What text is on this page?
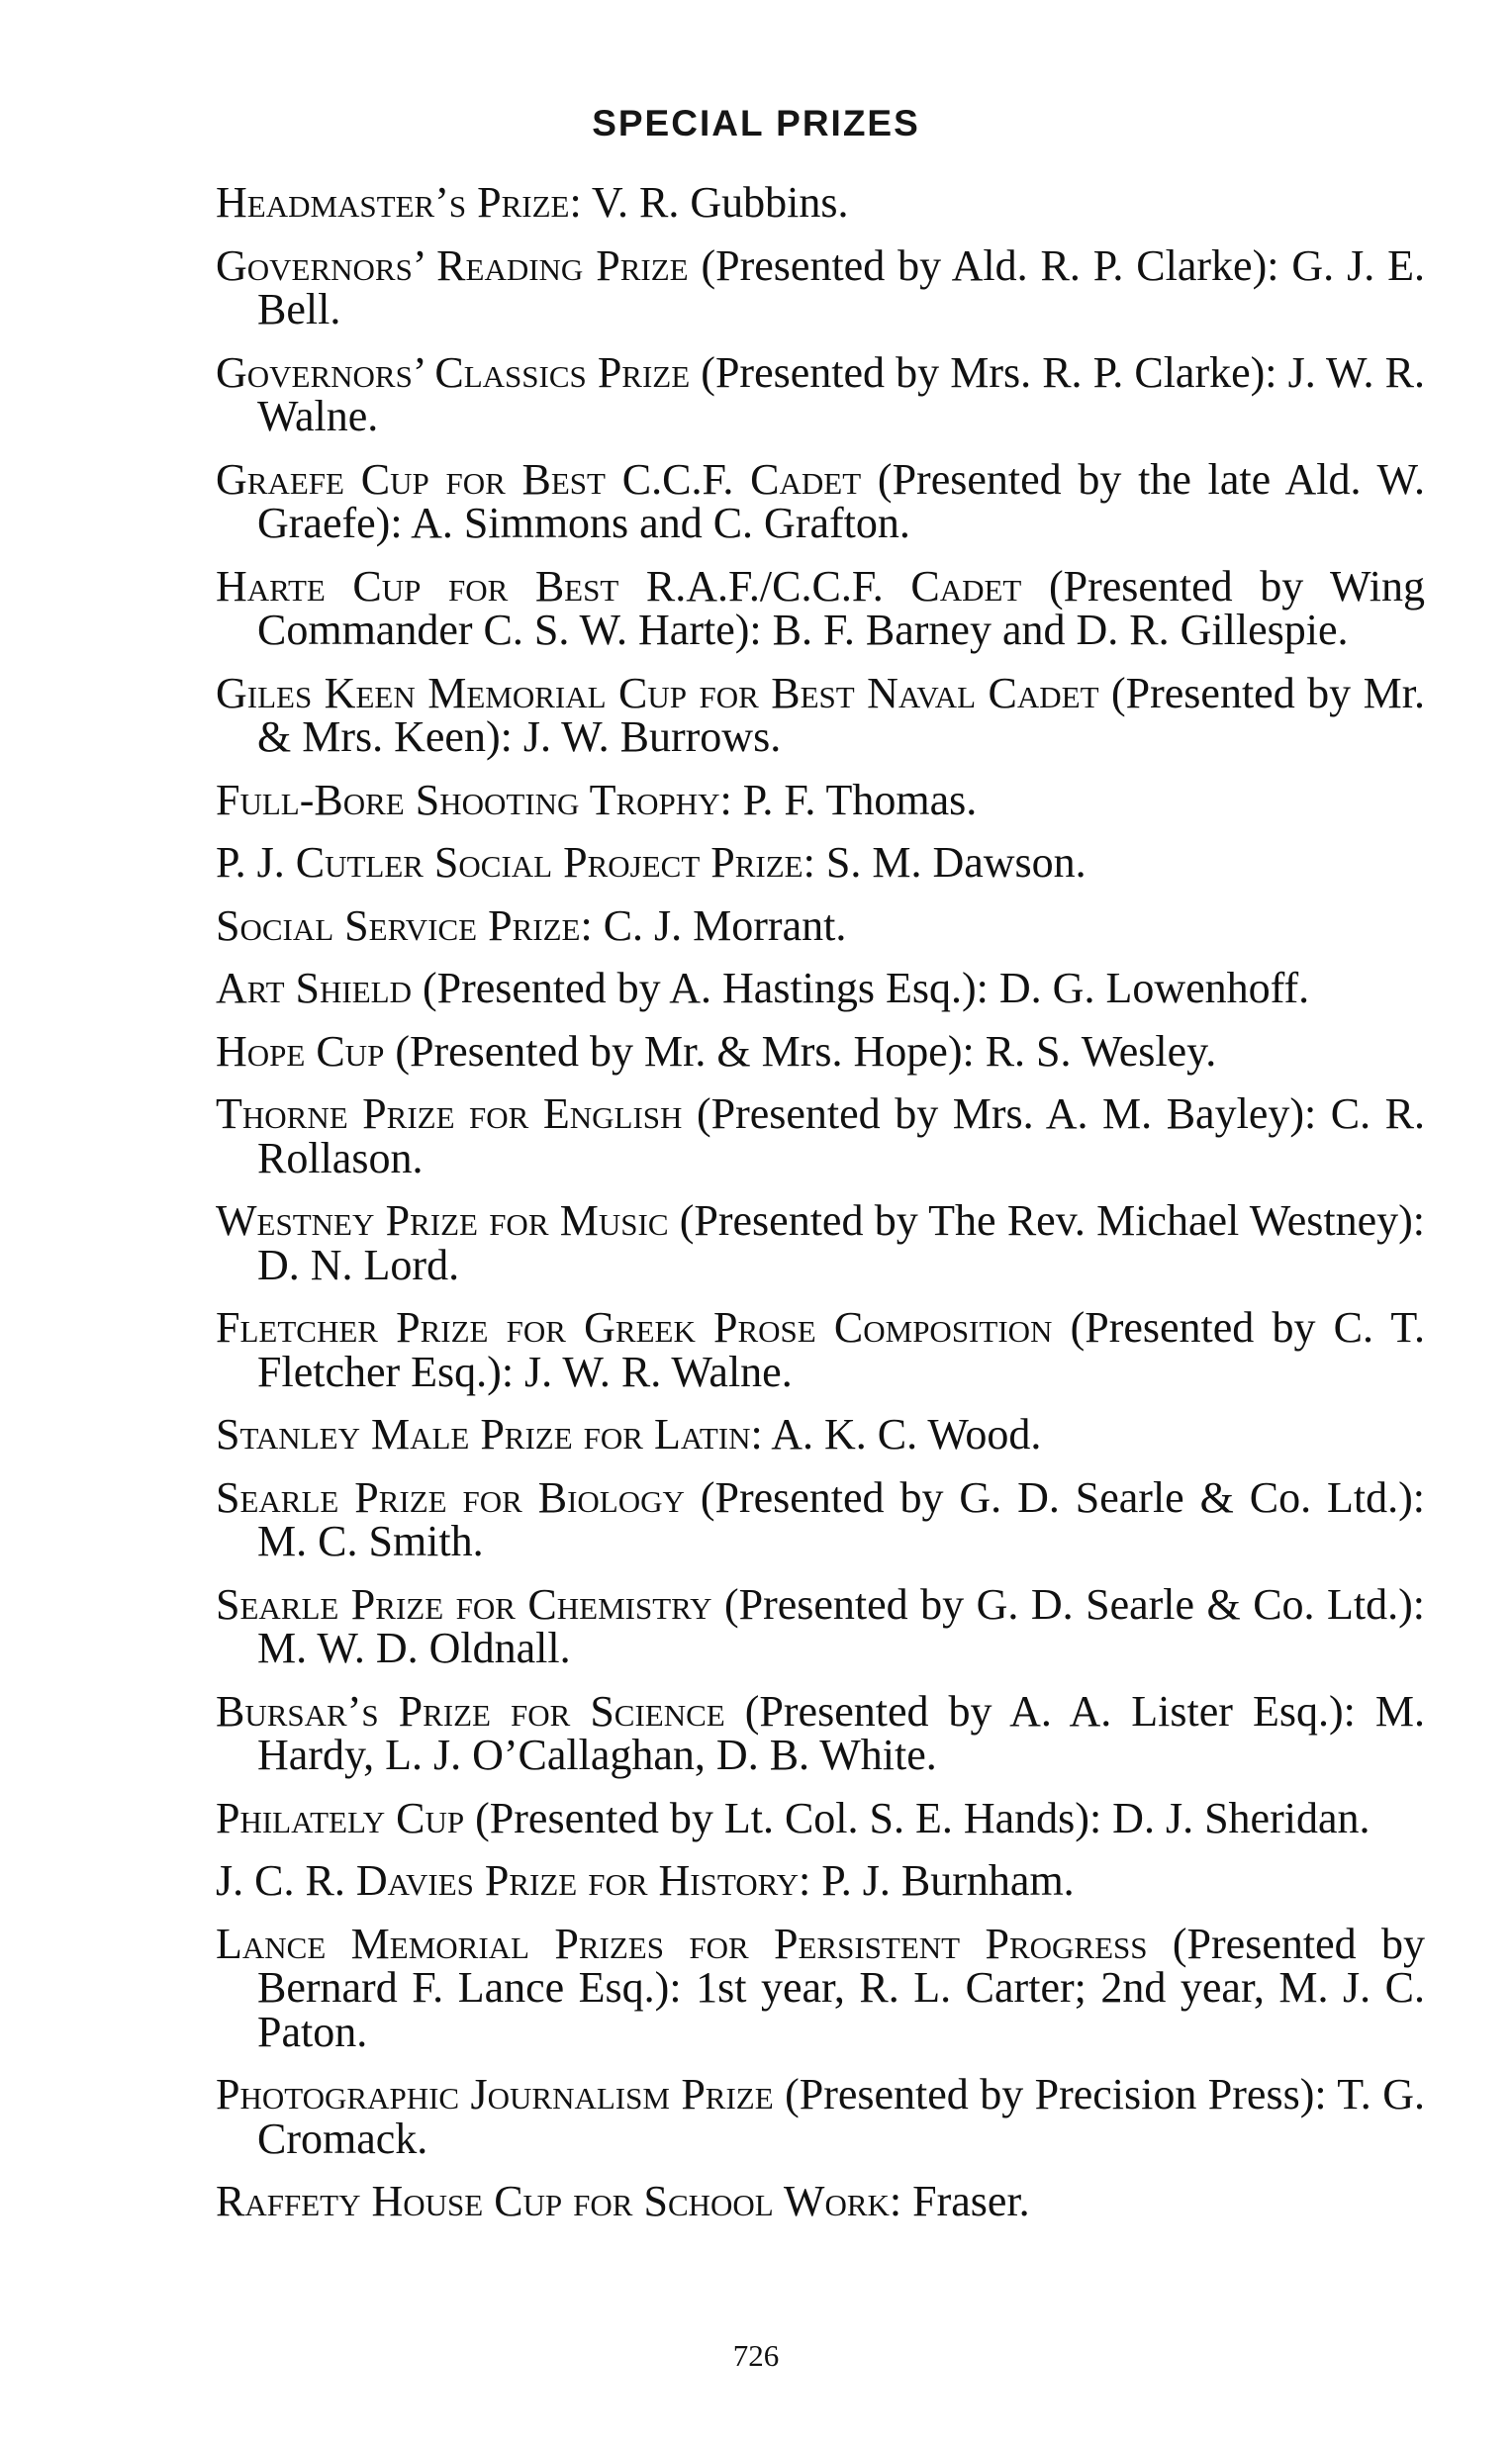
SPECIAL PRIZES
Headmaster’s Prize: V. R. Gubbins.
Governors’ Reading Prize (Presented by Ald. R. P. Clarke): G. J. E. Bell.
Governors’ Classics Prize (Presented by Mrs. R. P. Clarke): J. W. R. Walne.
Graefe Cup for Best C.C.F. Cadet (Presented by the late Ald. W. Graefe): A. Simmons and C. Grafton.
Harte Cup for Best R.A.F./C.C.F. Cadet (Presented by Wing Commander C. S. W. Harte): B. F. Barney and D. R. Gillespie.
Giles Keen Memorial Cup for Best Naval Cadet (Presented by Mr. & Mrs. Keen): J. W. Burrows.
Full-Bore Shooting Trophy: P. F. Thomas.
P. J. Cutler Social Project Prize: S. M. Dawson.
Social Service Prize: C. J. Morrant.
Art Shield (Presented by A. Hastings Esq.): D. G. Lowenhoff.
Hope Cup (Presented by Mr. & Mrs. Hope): R. S. Wesley.
Thorne Prize for English (Presented by Mrs. A. M. Bayley): C. R. Rollason.
Westney Prize for Music (Presented by The Rev. Michael Westney): D. N. Lord.
Fletcher Prize for Greek Prose Composition (Presented by C. T. Fletcher Esq.): J. W. R. Walne.
Stanley Male Prize for Latin: A. K. C. Wood.
Searle Prize for Biology (Presented by G. D. Searle & Co. Ltd.): M. C. Smith.
Searle Prize for Chemistry (Presented by G. D. Searle & Co. Ltd.): M. W. D. Oldnall.
Bursar’s Prize for Science (Presented by A. A. Lister Esq.): M. Hardy, L. J. O’Callaghan, D. B. White.
Philately Cup (Presented by Lt. Col. S. E. Hands): D. J. Sheridan.
J. C. R. Davies Prize for History: P. J. Burnham.
Lance Memorial Prizes for Persistent Progress (Presented by Bernard F. Lance Esq.): 1st year, R. L. Carter; 2nd year, M. J. C. Paton.
Photographic Journalism Prize (Presented by Precision Press): T. G. Cromack.
Raffety House Cup for School Work: Fraser.
726
